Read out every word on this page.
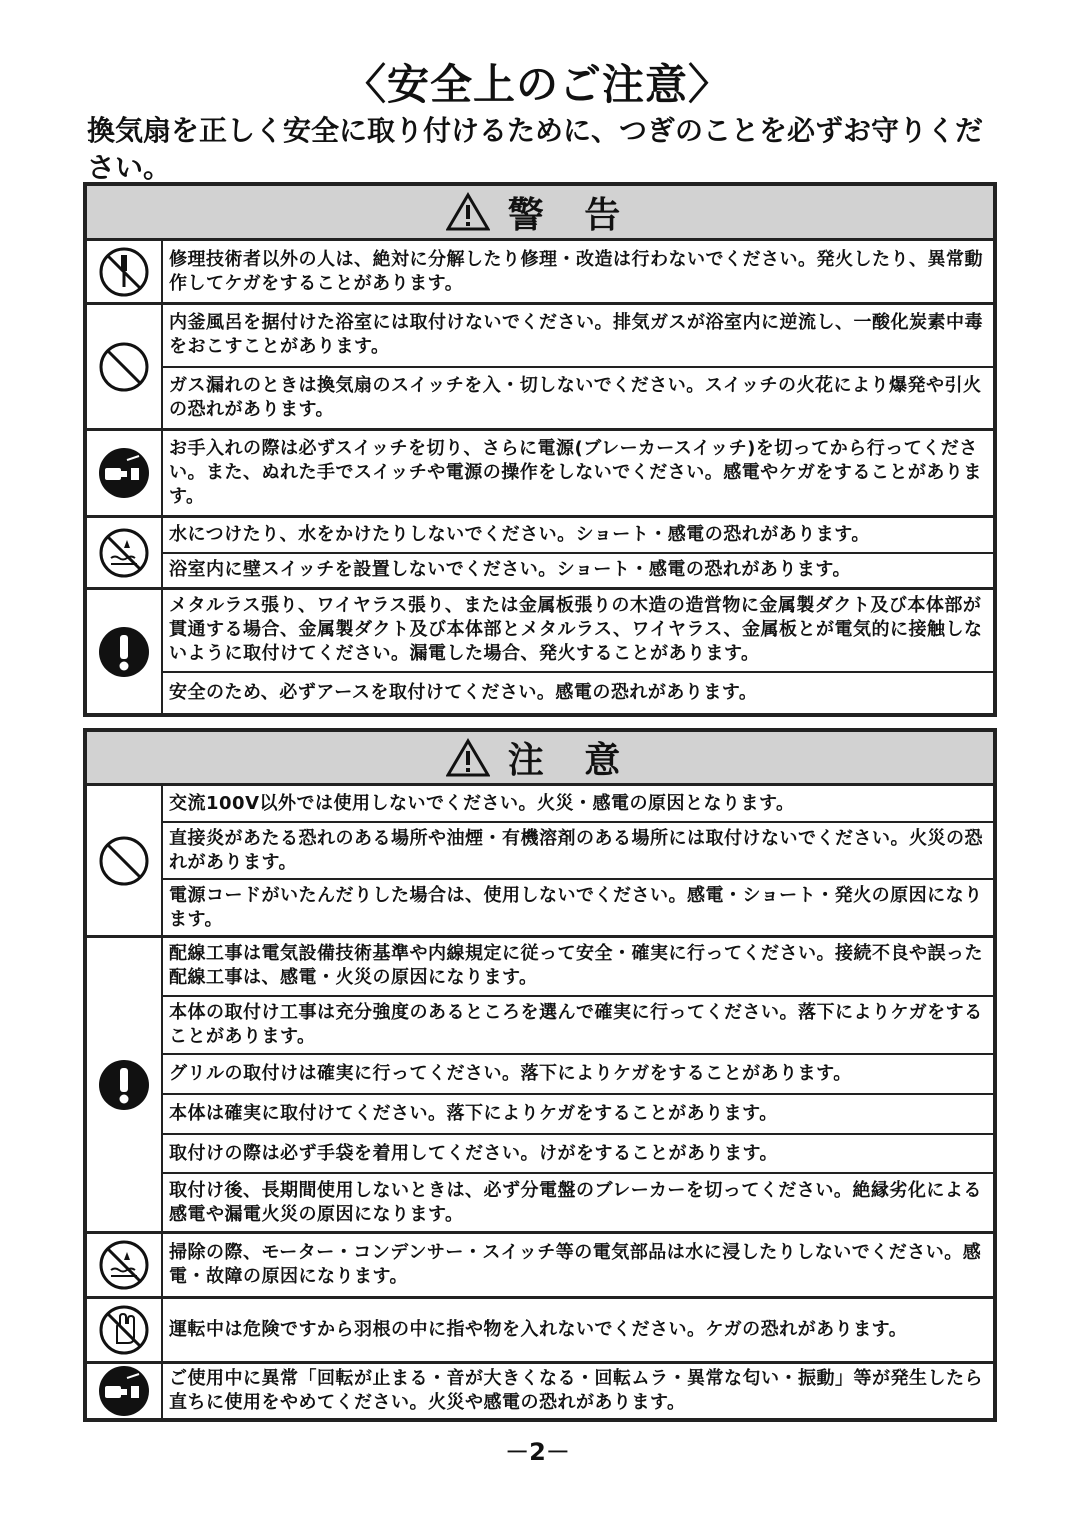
〈安全上のご注意〉
換気扇を正しく安全に取り付けるために、つぎのことを必ずお守りください。
警 告
修理技術者以外の人は、絶対に分解したり修理・改造は行わないでください。発火したり、異常動作してケガをすることがあります。
内釜風呂を据付けた浴室には取付けないでください。排気ガスが浴室内に逆流し、一酸化炭素中毒をおこすことがあります。
ガス漏れのときは換気扇のスイッチを入・切しないでください。スイッチの火花により爆発や引火の恐れがあります。
お手入れの際は必ずスイッチを切り、さらに電源(ブレーカースイッチ)を切ってから行ってください。また、ぬれた手でスイッチや電源の操作をしないでください。感電やケガをすることがあります。
水につけたり、水をかけたりしないでください。ショート・感電の恐れがあります。
浴室内に壁スイッチを設置しないでください。ショート・感電の恐れがあります。
メタルラス張り、ワイヤラス張り、または金属板張りの木造の造営物に金属製ダクト及び本体部が貫通する場合、金属製ダクト及び本体部とメタルラス、ワイヤラス、金属板とが電気的に接触しないように取付けてください。漏電した場合、発火することがあります。
安全のため、必ずアースを取付けてください。感電の恐れがあります。
注 意
交流100V以外では使用しないでください。火災・感電の原因となります。
直接炎があたる恐れのある場所や油煙・有機溶剤のある場所には取付けないでください。火災の恐れがあります。
電源コードがいたんだりした場合は、使用しないでください。感電・ショート・発火の原因になります。
配線工事は電気設備技術基準や内線規定に従って安全・確実に行ってください。接続不良や誤った配線工事は、感電・火災の原因になります。
本体の取付け工事は充分強度のあるところを選んで確実に行ってください。落下によりケガをすることがあります。
グリルの取付けは確実に行ってください。落下によりケガをすることがあります。
本体は確実に取付けてください。落下によりケガをすることがあります。
取付けの際は必ず手袋を着用してください。けがをすることがあります。
取付け後、長期間使用しないときは、必ず分電盤のブレーカーを切ってください。絶縁劣化による感電や漏電火災の原因になります。
掃除の際、モーター・コンデンサー・スイッチ等の電気部品は水に浸したりしないでください。感電・故障の原因になります。
運転中は危険ですから羽根の中に指や物を入れないでください。ケガの恐れがあります。
ご使用中に異常「回転が止まる・音が大きくなる・回転ムラ・異常な匂い・振動」等が発生したら直ちに使用をやめてください。火災や感電の恐れがあります。
－2－
